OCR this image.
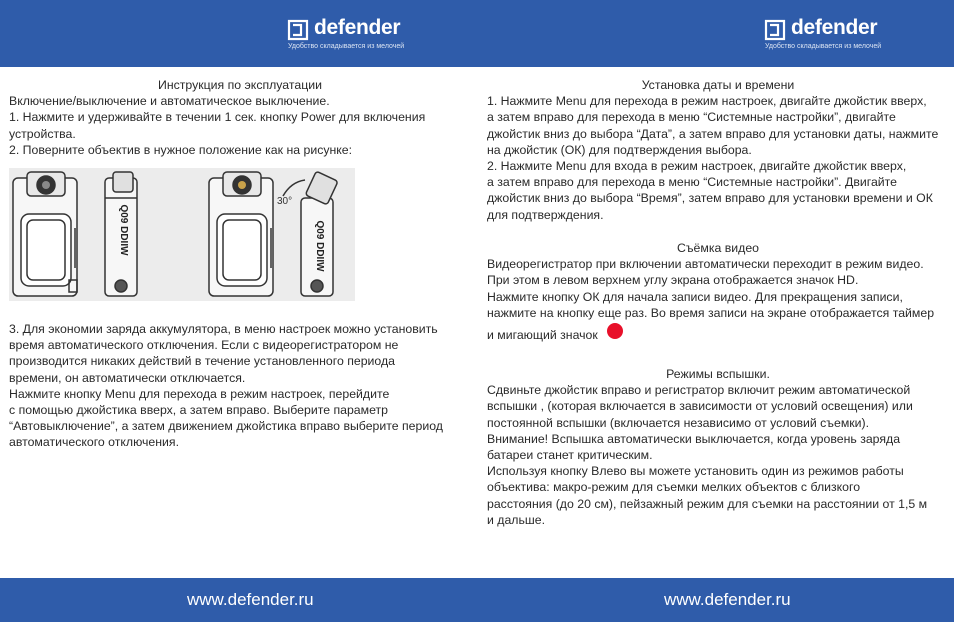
defender
Удобство складывается из мелочей
defender
Удобство складывается из мелочей
Инструкция по эксплуатации
Включение/выключение и автоматическое выключение.
1. Нажмите и удерживайте в течении 1 сек. кнопку Power для включения
устройства.
2. Поверните объектив в нужное положение как на рисунке:
Q09 DDIIW	Q09 DDIIW
30°
3. Для экономии заряда аккумулятора, в меню настроек можно установить
время автоматического отключения. Если с видеорегистратором не
производится никаких действий в течение установленного периода
времени, он автоматически отключается.
Нажмите кнопку Menu для перехода в режим настроек, перейдите
с помощью джойстика вверх, а затем вправо. Выберите параметр
“Автовыключение”, а затем движением джойстика вправо выберите период
автоматического отключения.
Установка даты и времени
1. Нажмите Menu для перехода в режим настроек, двигайте джойстик вверх,
а затем вправо для перехода в меню “Системные настройки”, двигайте
джойстик вниз до выбора “Дата”, а затем вправо для установки даты, нажмите
на джойстик (ОК) для подтверждения выбора.
2. Нажмите Menu для входа в режим настроек, двигайте джойстик вверх,
а затем вправо для перехода в меню “Системные настройки”. Двигайте
джойстик вниз до выбора “Время”, затем вправо для установки времени и ОК
для подтверждения.
Съёмка видео
Видеорегистратор при включении автоматически переходит в режим видео.
При этом в левом верхнем углу экрана отображается значок HD.
Нажмите кнопку ОК для начала записи видео. Для прекращения записи,
нажмите на кнопку еще раз. Во время записи на экране отображается таймер
и мигающий значок
Режимы вспышки.
Сдвиньте джойстик вправо и регистратор включит режим автоматической
вспышки , (которая включается в зависимости от условий освещения) или
постоянной вспышки (включается независимо от условий съемки).
Внимание! Вспышка автоматически выключается, когда уровень заряда
батареи станет критическим.
Используя кнопку Влево вы можете установить один из режимов работы
объектива: макро-режим для съемки мелких объектов с близкого
расстояния (до 20 см), пейзажный режим для съемки на расстоянии от 1,5 м
и дальше.
www.defender.ru	www.defender.ru
